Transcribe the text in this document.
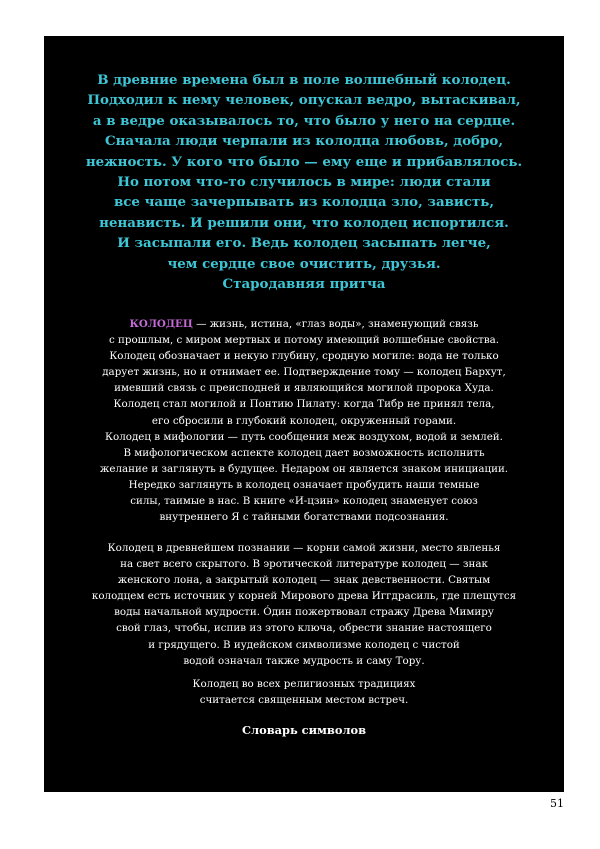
В древние времена был в поле волшебный колодец.
Подходил к нему человек, опускал ведро, вытаскивал,
а в ведре оказывалось то, что было у него на сердце.
Сначала люди черпали из колодца любовь, добро,
нежность. У кого что было — ему еще и прибавлялось.
Но потом что-то случилось в мире: люди стали
все чаще зачерпывать из колодца зло, зависть,
ненависть. И решили они, что колодец испортился.
И засыпали его. Ведь колодец засыпать легче,
чем сердце свое очистить, друзья.
Стародавняя притча
КОЛОДЕЦ — жизнь, истина, «глаз воды», знаменующий связь
с прошлым, с миром мертвых и потому имеющий волшебные свойства.
Колодец обозначает и некую глубину, сродную могиле: вода не только
дарует жизнь, но и отнимает ее. Подтверждение тому — колодец Бархут,
имевший связь с преисподней и являющийся могилой пророка Худа.
Колодец стал могилой и Понтию Пилату: когда Тибр не принял тела,
его сбросили в глубокий колодец, окруженный горами.
Колодец в мифологии — путь сообщения меж воздухом, водой и землей.
В мифологическом аспекте колодец дает возможность исполнить
желание и заглянуть в будущее. Недаром он является знаком инициации.
Нередко заглянуть в колодец означает пробудить наши темные
силы, таимые в нас. В книге «И-цзин» колодец знаменует союз
внутреннего Я с тайными богатствами подсознания.
Колодец в древнейшем познании — корни самой жизни, место явленья
на свет всего скрытого. В эротической литературе колодец — знак
женского лона, а закрытый колодец — знак девственности. Святым
колодцем есть источник у корней Мирового древа Иггдрасиль, где плещутся
воды начальной мудрости. Óдин пожертвовал стражу Древа Мимиру
свой глаз, чтобы, испив из этого ключа, обрести знание настоящего
и грядущего. В иудейском символизме колодец с чистой
водой означал также мудрость и саму Тору.
Колодец во всех религиозных традициях
считается священным местом встреч.
Словарь символов
51
